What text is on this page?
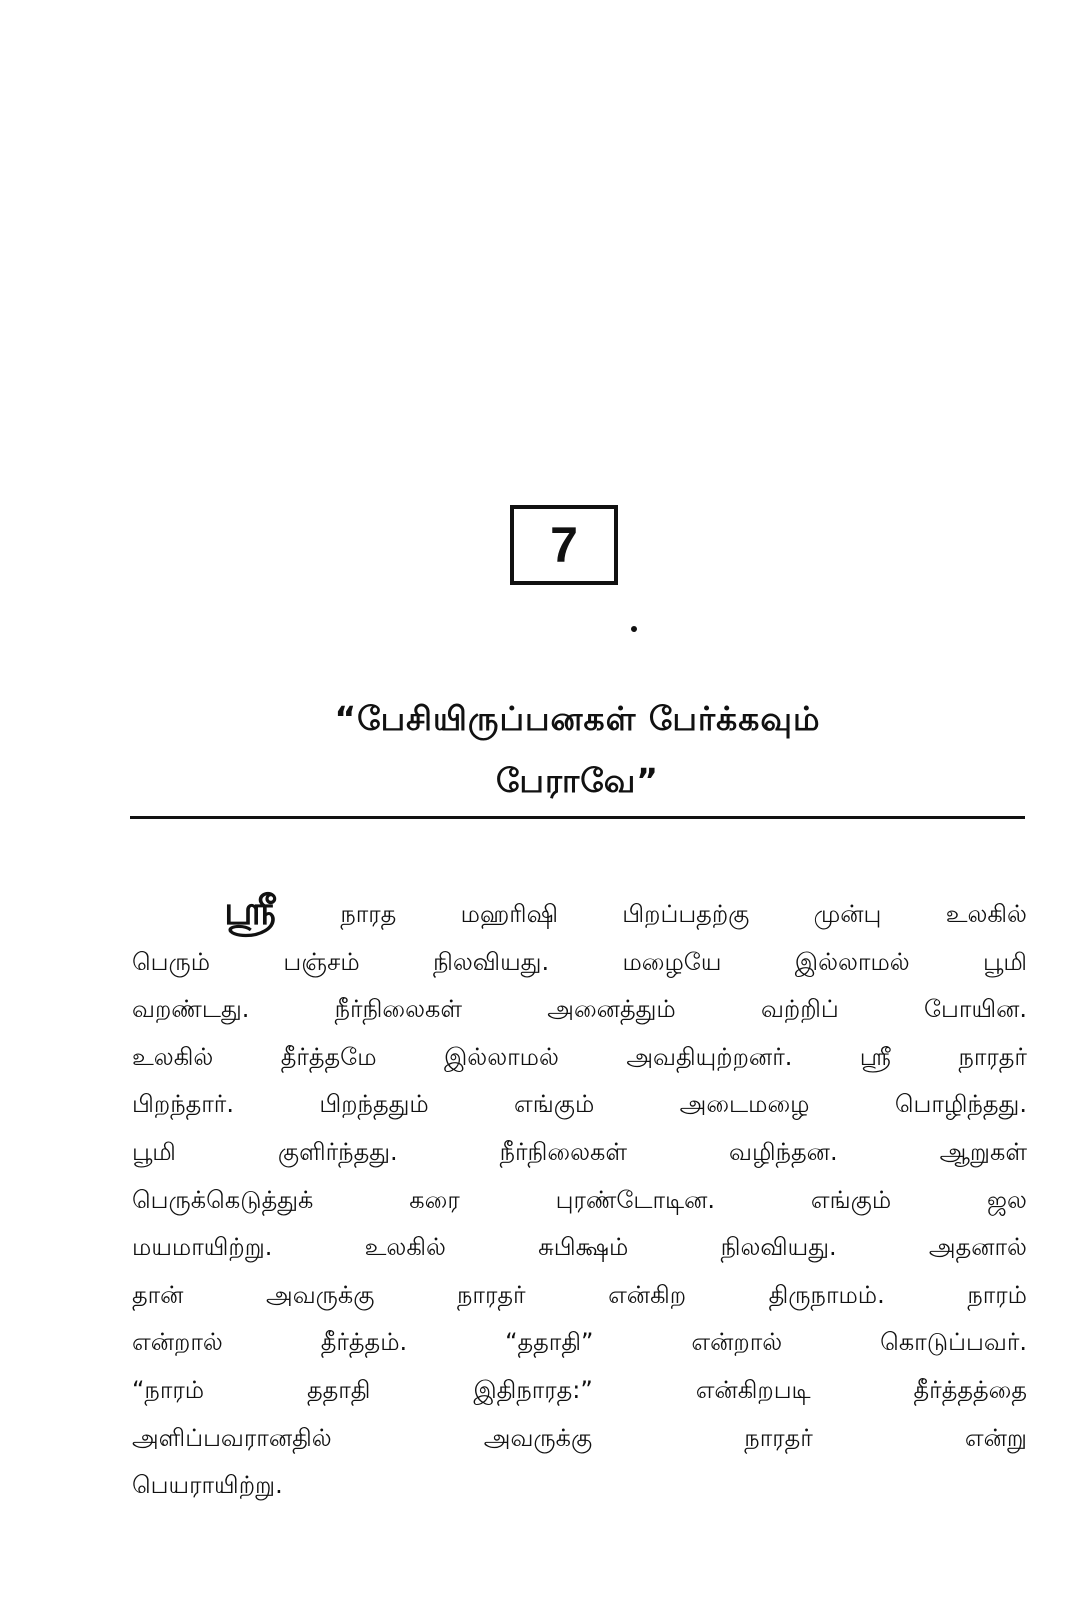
7
“பேசியிருப்பனகள் பேர்க்கவும்
பேராவே”
ஸ்ரீ	நாரத	மஹரிஷி	பிறப்பதற்கு	முன்பு	உலகில்
பெரும்	பஞ்சம்	நிலவியது.	மழையே	இல்லாமல்	பூமி
வறண்டது.	நீர்நிலைகள்	அனைத்தும்	வற்றிப்	போயின.
உலகில்	தீர்த்தமே	இல்லாமல்	அவதியுற்றனர்.	ஸ்ரீ	நாரதர்
பிறந்தார்.	பிறந்ததும்	எங்கும்	அடைமழை	பொழிந்தது.
பூமி	குளிர்ந்தது.	நீர்நிலைகள்	வழிந்தன.	ஆறுகள்
பெருக்கெடுத்துக்	கரை	புரண்டோடின.	எங்கும்	ஜல
மயமாயிற்று.	உலகில்	சுபிக்ஷம்	நிலவியது.	அதனால்
தான்	அவருக்கு	நாரதர்	என்கிற	திருநாமம்.	நாரம்
என்றால்	தீர்த்தம்.	“ததாதி”	என்றால்	கொடுப்பவர்.
“நாரம்	ததாதி	இதிநாரத:”	என்கிறபடி	தீர்த்தத்தை
அளிப்பவரானதில்	அவருக்கு	நாரதர்	என்று
பெயராயிற்று.
